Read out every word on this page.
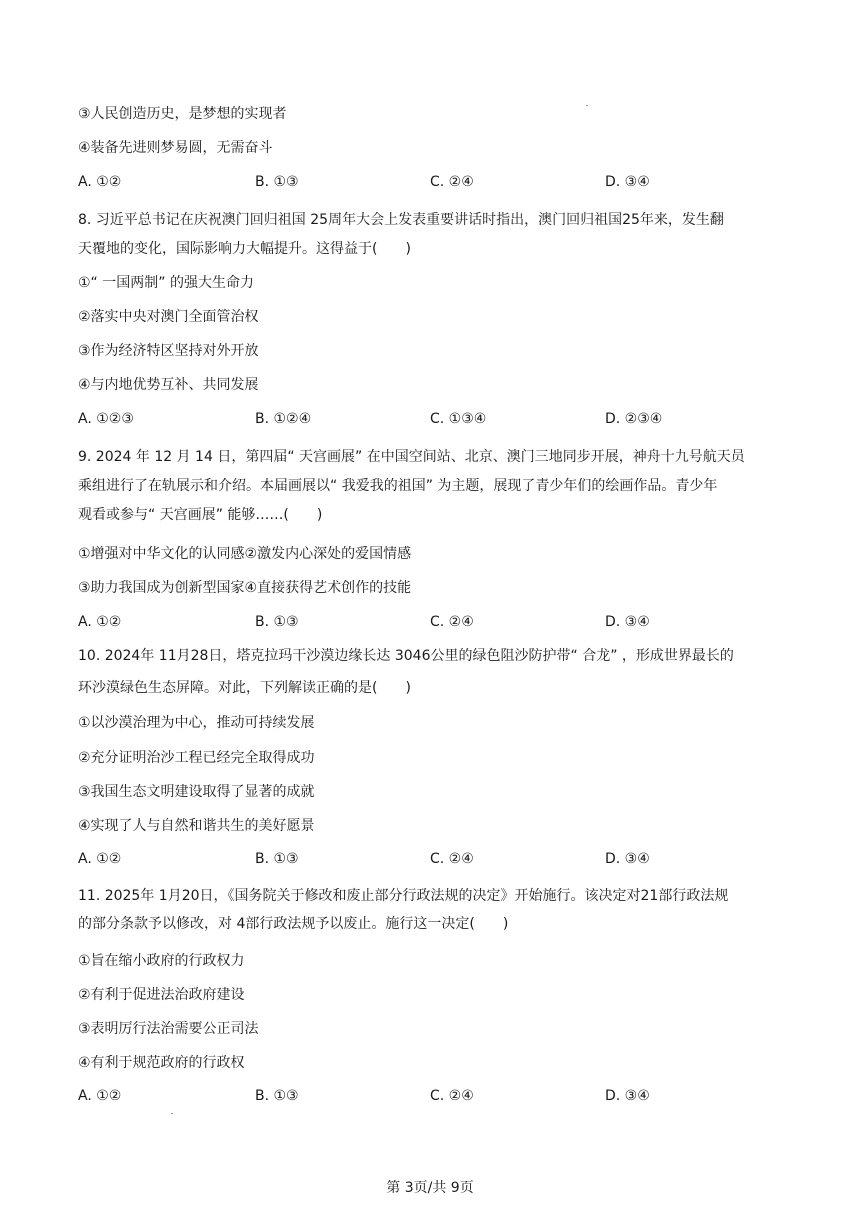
③人民创造历史，是梦想的实现者
④装备先进则梦易圆，无需奋斗
A. ①②	B. ①③	C. ②④	D. ③④
8. 习近平总书记在庆祝澳门回归祖国 25周年大会上发表重要讲话时指出，澳门回归祖国25年来，发生翻
天覆地的变化，国际影响力大幅提升。这得益于(　　)
①“ 一国两制” 的强大生命力
②落实中央对澳门全面管治权
③作为经济特区坚持对外开放
④与内地优势互补、共同发展
A. ①②③	B. ①②④	C. ①③④	D. ②③④
9. 2024 年 12 月 14 日，第四届“ 天宫画展” 在中国空间站、北京、澳门三地同步开展，神舟十九号航天员
乘组进行了在轨展示和介绍。本届画展以“ 我爱我的祖国” 为主题，展现了青少年们的绘画作品。青少年
观看或参与“ 天宫画展” 能够……(　　)
①增强对中华文化的认同感②激发内心深处的爱国情感
③助力我国成为创新型国家④直接获得艺术创作的技能
A. ①②	B. ①③	C. ②④	D. ③④
10. 2024年 11月28日，塔克拉玛干沙漠边缘长达 3046公里的绿色阻沙防护带“ 合龙” ，形成世界最长的
环沙漠绿色生态屏障。对此，下列解读正确的是(　　)
①以沙漠治理为中心，推动可持续发展
②充分证明治沙工程已经完全取得成功
③我国生态文明建设取得了显著的成就
④实现了人与自然和谐共生的美好愿景
A. ①②	B. ①③	C. ②④	D. ③④
11. 2025年 1月20日，《国务院关于修改和废止部分行政法规的决定》开始施行。该决定对21部行政法规
的部分条款予以修改，对 4部行政法规予以废止。施行这一决定(　　)
①旨在缩小政府的行政权力
②有利于促进法治政府建设
③表明厉行法治需要公正司法
④有利于规范政府的行政权
A. ①②	B. ①③	C. ②④	D. ③④
第 3页/共 9页
